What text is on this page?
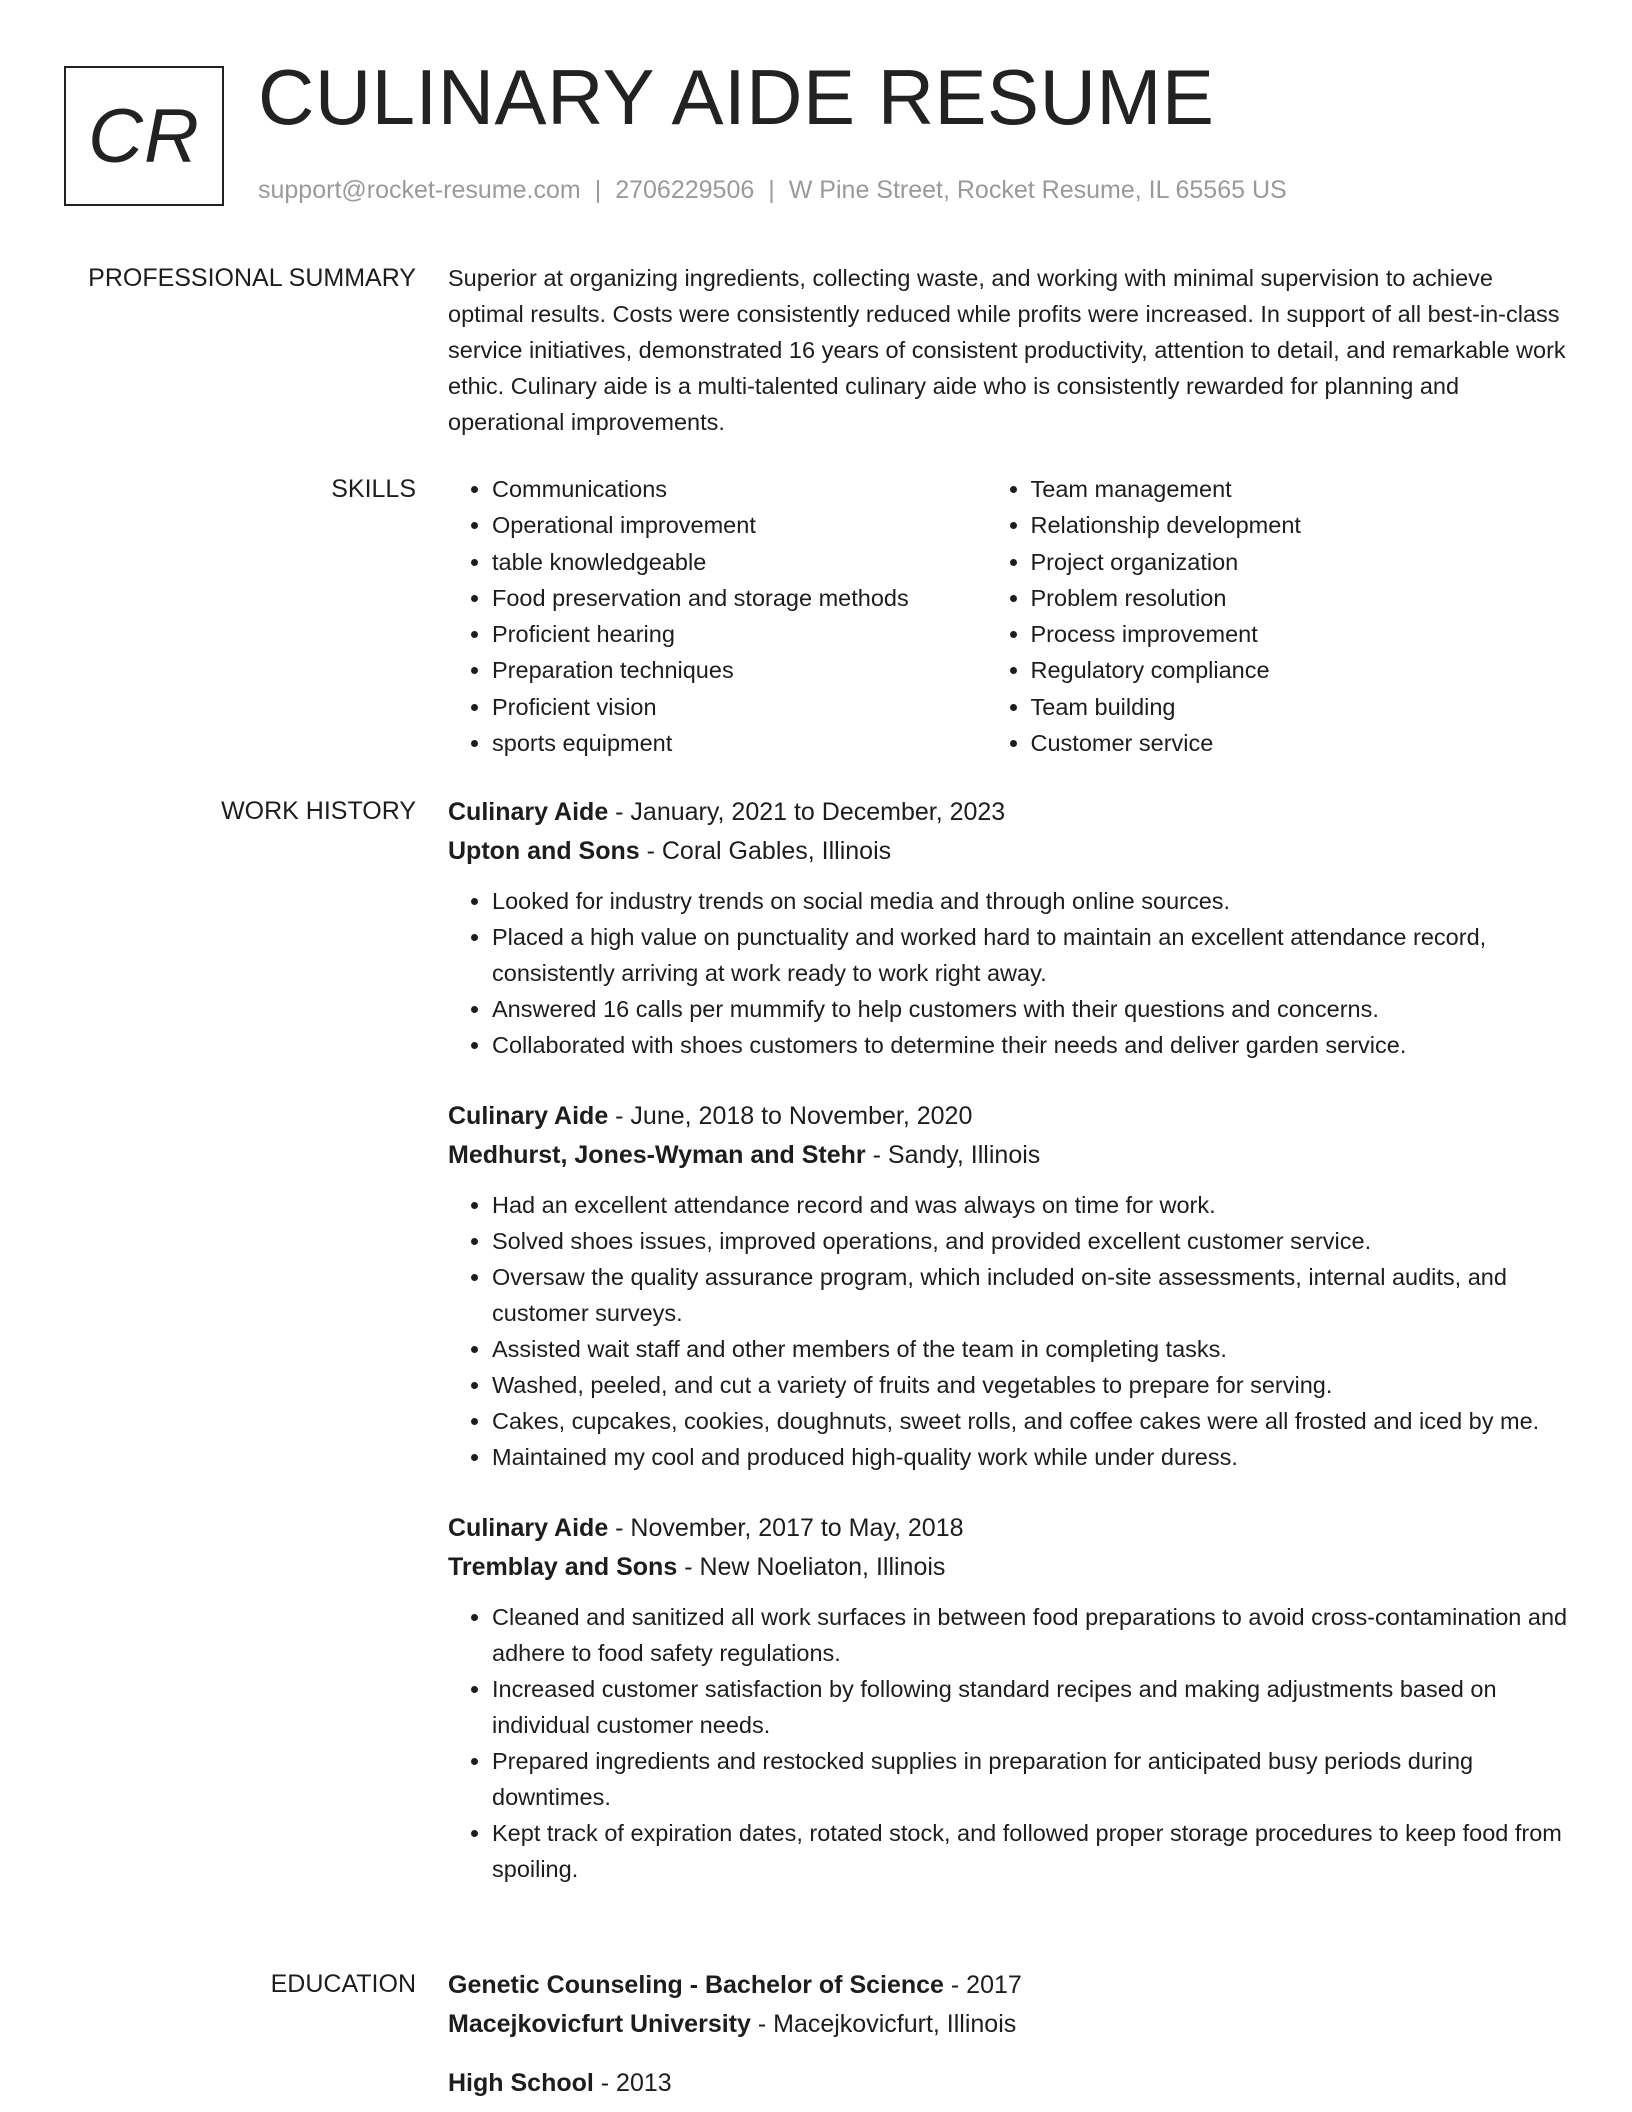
CR CULINARY AIDE RESUME
support@rocket-resume.com | 2706229506 | W Pine Street, Rocket Resume, IL 65565 US
PROFESSIONAL SUMMARY Superior at organizing ingredients, collecting waste, and working with minimal supervision to achieve optimal results. Costs were consistently reduced while profits were increased. In support of all best-in-class service initiatives, demonstrated 16 years of consistent productivity, attention to detail, and remarkable work ethic. Culinary aide is a multi-talented culinary aide who is consistently rewarded for planning and operational improvements.

SKILLS
•	Communications
• Operational improvement
• table knowledgeable
• Food preservation and storage methods
• Proficient hearing
• Preparation techniques
• Proficient vision
• sports equipment
• Team management
• Relationship development
• Project organization
• Problem resolution
• Process improvement
• Regulatory compliance
• Team building
• Customer service
WORK HISTORY Culinary Aide - January, 2021 to December, 2023
Upton and Sons - Coral Gables, Illinois
• Looked for industry trends on social media and through online sources.
• Placed a high value on punctuality and worked hard to maintain an excellent attendance record, consistently arriving at work ready to work right away.
• Answered 16 calls per mummify to help customers with their questions and concerns.
• Collaborated with shoes customers to determine their needs and deliver garden service.
Culinary Aide - June, 2018 to November, 2020
Medhurst, Jones-Wyman and Stehr - Sandy, Illinois
• Had an excellent attendance record and was always on time for work.
• Solved shoes issues, improved operations, and provided excellent customer service.
• Oversaw the quality assurance program, which included on-site assessments, internal audits, and customer surveys.
• Assisted wait staff and other members of the team in completing tasks.
• Washed, peeled, and cut a variety of fruits and vegetables to prepare for serving.
• Cakes, cupcakes, cookies, doughnuts, sweet rolls, and coffee cakes were all frosted and iced by me.
• Maintained my cool and produced high-quality work while under duress.
Culinary Aide - November, 2017 to May, 2018
Tremblay and Sons - New Noeliaton, Illinois
• Cleaned and sanitized all work surfaces in between food preparations to avoid cross-contamination and adhere to food safety regulations.
• Increased customer satisfaction by following standard recipes and making adjustments based on individual customer needs.
• Prepared ingredients and restocked supplies in preparation for anticipated busy periods during downtimes.
• Kept track of expiration dates, rotated stock, and followed proper storage procedures to keep food from spoiling.
EDUCATION Genetic Counseling - Bachelor of Science - 2017
Macejkovicfurt University - Macejkovicfurt, Illinois
High School - 2013
